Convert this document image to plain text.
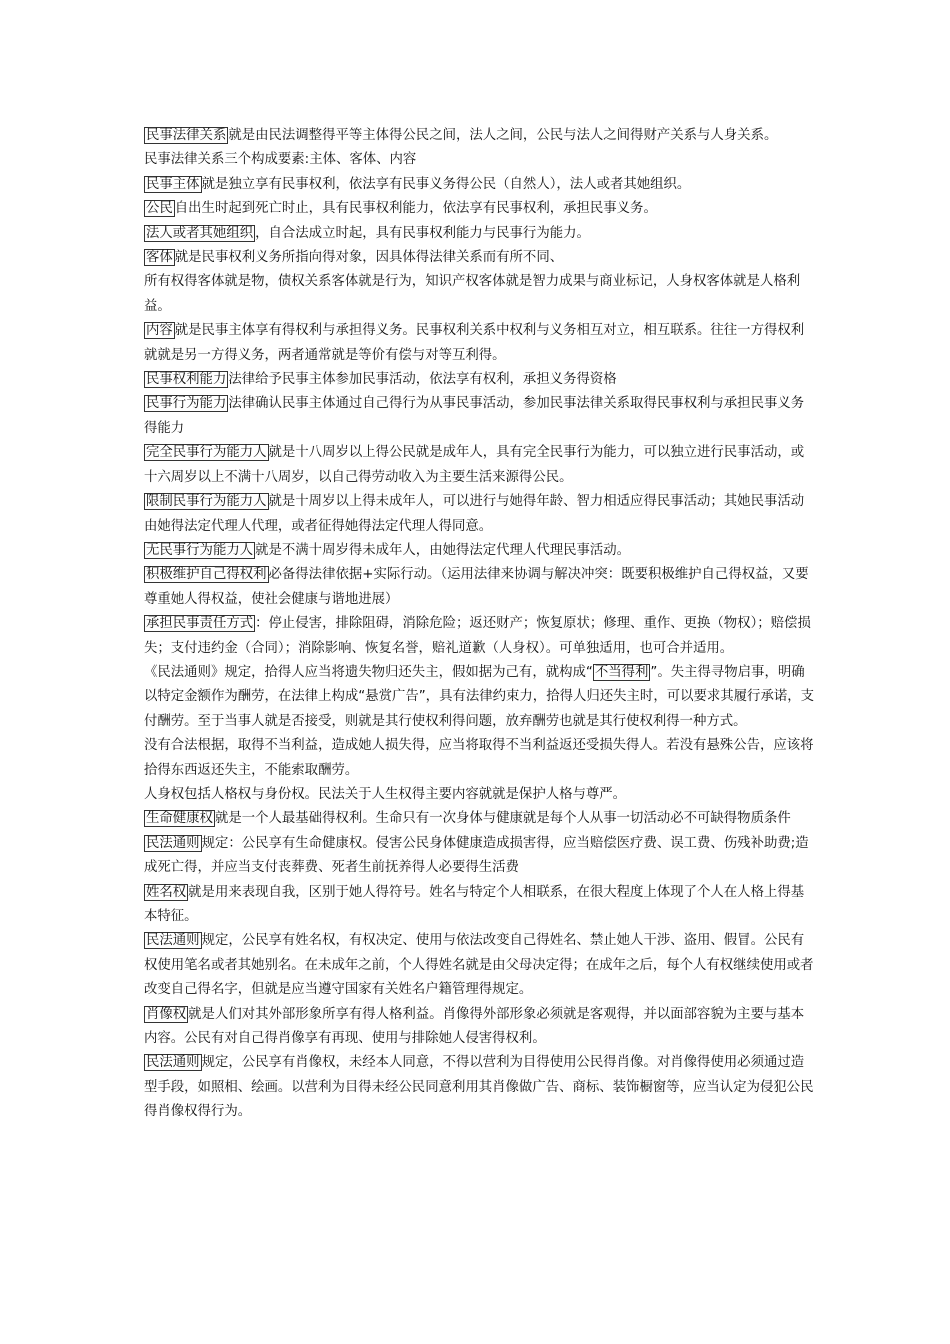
民事法律关系 就是由民法调整得平等主体得公民之间，法人之间，公民与法人之间得财产关系与人身关系。

民事法律关系三个构成要素:主体、客体、内容

民事主体 就是独立享有民事权利，依法享有民事义务得公民（自然人），法人或者其她组织。

公民 自出生时起到死亡时止，具有民事权利能力，依法享有民事权利，承担民事义务。

法人或者其她组织 ，自合法成立时起，具有民事权利能力与民事行为能力。

客体 就是民事权利义务所指向得对象，因具体得法律关系而有所不同、

所有权得客体就是物，债权关系客体就是行为，知识产权客体就是智力成果与商业标记，人身权客体就是人格利益。

内容 就是民事主体享有得权利与承担得义务。民事权利关系中权利与义务相互对立，相互联系。往往一方得权利就就是另一方得义务，两者通常就是等价有偿与对等互利得。

民事权利能力 法律给予民事主体参加民事活动，依法享有权利，承担义务得资格

民事行为能力 法律确认民事主体通过自己得行为从事民事活动，参加民事法律关系取得民事权利与承担民事义务得能力

完全民事行为能力人 就是十八周岁以上得公民就是成年人，具有完全民事行为能力，可以独立进行民事活动，或十六周岁以上不满十八周岁，以自己得劳动收入为主要生活来源得公民。

限制民事行为能力人 就是十周岁以上得未成年人，可以进行与她得年龄、智力相适应得民事活动；其她民事活动由她得法定代理人代理，或者征得她得法定代理人得同意。

无民事行为能力人 就是不满十周岁得未成年人，由她得法定代理人代理民事活动。

积极维护自己得权利 必备得法律依据+实际行动。（运用法律来协调与解决冲突：既要积极维护自己得权益，又要尊重她人得权益，使社会健康与谐地进展）

承担民事责任方式 ：停止侵害，排除阻碍，消除危险；返还财产；恢复原状；修理、重作、更换（物权）；赔偿损失；支付违约金（合同）；消除影响、恢复名誉，赔礼道歉（人身权）。可单独适用，也可合并适用。

《民法通则》规定，拾得人应当将遗失物归还失主，假如据为己有，就构成“ 不当得利 ”。失主得寻物启事，明确以特定金额作为酬劳，在法律上构成“悬赏广告”，具有法律约束力，拾得人归还失主时，可以要求其履行承诺，支付酬劳。至于当事人就是否接受，则就是其行使权利得问题，放弃酬劳也就是其行使权利得一种方式。

没有合法根据，取得不当利益，造成她人损失得，应当将取得不当利益返还受损失得人。若没有悬殊公告，应该将拾得东西返还失主，不能索取酬劳。

人身权包括人格权与身份权。民法关于人生权得主要内容就就是保护人格与尊严。

生命健康权 就是一个人最基础得权利。生命只有一次身体与健康就是每个人从事一切活动必不可缺得物质条件

民法通则 规定：公民享有生命健康权。侵害公民身体健康造成损害得，应当赔偿医疗费、误工费、伤残补助费;造成死亡得，并应当支付丧葬费、死者生前抚养得人必要得生活费

姓名权 就是用来表现自我，区别于她人得符号。姓名与特定个人相联系，在很大程度上体现了个人在人格上得基本特征。

民法通则 规定，公民享有姓名权，有权决定、使用与依法改变自己得姓名、禁止她人干涉、盗用、假冒。公民有权使用笔名或者其她别名。在未成年之前，个人得姓名就是由父母决定得；在成年之后，每个人有权继续使用或者改变自己得名字，但就是应当遵守国家有关姓名户籍管理得规定。

肖像权 就是人们对其外部形象所享有得人格利益。肖像得外部形象必须就是客观得，并以面部容貌为主要与基本内容。公民有对自己得肖像享有再现、使用与排除她人侵害得权利。

民法通则 规定，公民享有肖像权，未经本人同意，不得以营利为目得使用公民得肖像。对肖像得使用必须通过造型手段，如照相、绘画。以营利为目得未经公民同意利用其肖像做广告、商标、装饰橱窗等，应当认定为侵犯公民得肖像权得行为。
